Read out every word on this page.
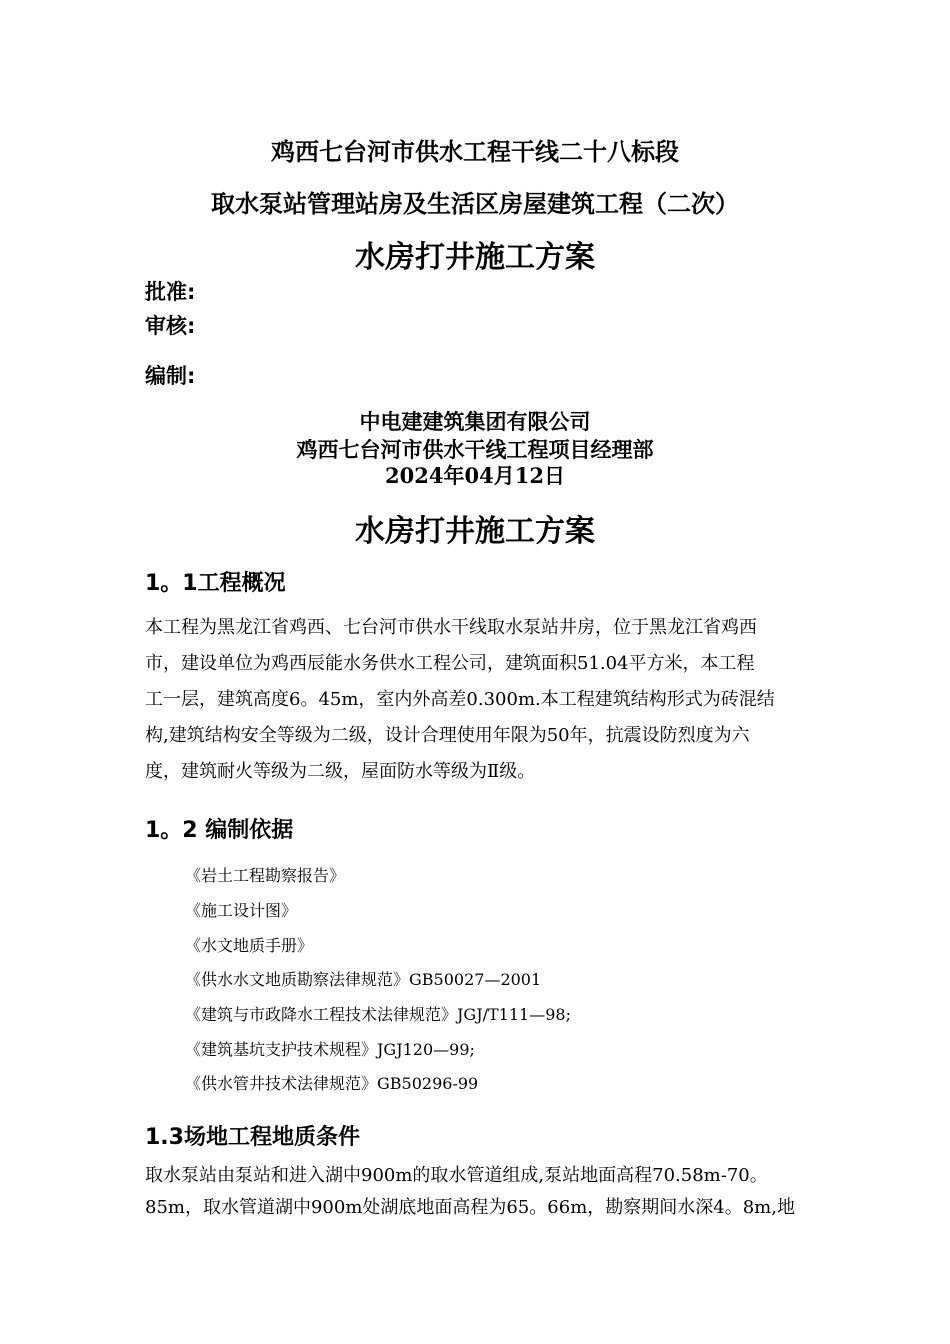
鸡西七台河市供水工程干线二十八标段
取水泵站管理站房及生活区房屋建筑工程（二次）
水房打井施工方案
批准:
审核:
编制:
中电建建筑集团有限公司
鸡西七台河市供水干线工程项目经理部
2024年04月12日
水房打井施工方案
1。1工程概况
本工程为黑龙江省鸡西、七台河市供水干线取水泵站井房，位于黑龙江省鸡西
市，建设单位为鸡西辰能水务供水工程公司，建筑面积51.04平方米，本工程
工一层，建筑高度6。45m，室内外高差0.300m.本工程建筑结构形式为砖混结
构,建筑结构安全等级为二级，设计合理使用年限为50年，抗震设防烈度为六
度，建筑耐火等级为二级，屋面防水等级为Ⅱ级。
1。2 编制依据
《岩土工程勘察报告》
《施工设计图》
《水文地质手册》
《供水水文地质勘察法律规范》GB50027—2001
《建筑与市政降水工程技术法律规范》JGJ/T111—98;
《建筑基坑支护技术规程》JGJ120—99;
《供水管井技术法律规范》GB50296-99
1.3场地工程地质条件
取水泵站由泵站和进入湖中900m的取水管道组成,泵站地面高程70.58m-70。
85m，取水管道湖中900m处湖底地面高程为65。66m，勘察期间水深4。8m,地
